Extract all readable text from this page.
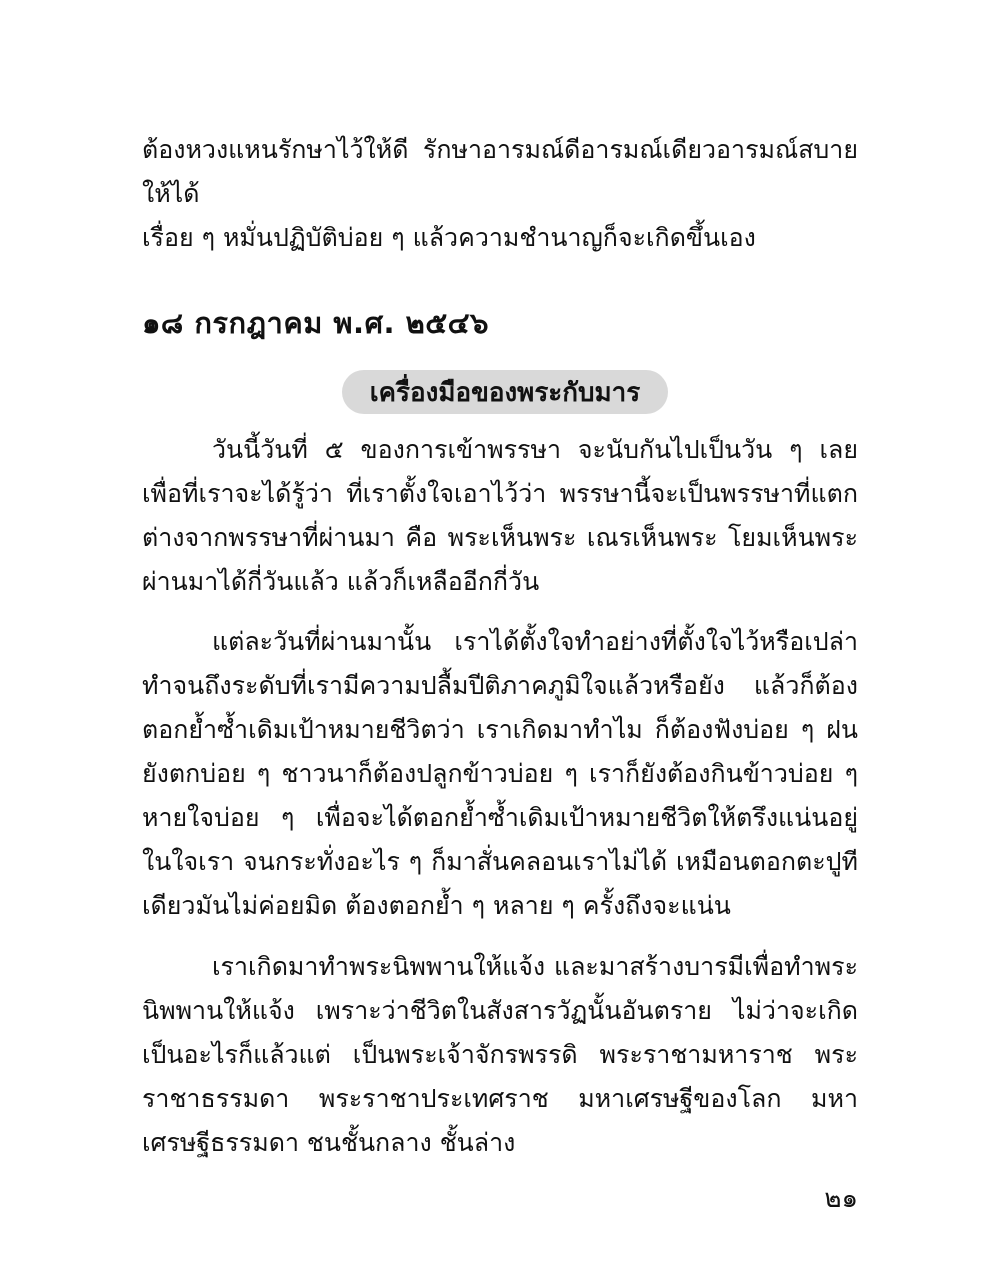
ต้องหวงแหนรักษาไว้ให้ดี รักษาอารมณ์ดีอารมณ์เดียวอารมณ์สบายให้ได้
เรื่อย ๆ หมั่นปฏิบัติบ่อย ๆ แล้วความชำนาญก็จะเกิดขึ้นเอง
๑๘ กรกฎาคม พ.ศ. ๒๕๔๖
เครื่องมือของพระกับมาร

วันนี้วันที่ ๕ ของการเข้าพรรษา จะนับกันไปเป็นวัน ๆ เลย เพื่อที่เราจะได้รู้ว่า ที่เราตั้งใจเอาไว้ว่า พรรษานี้จะเป็นพรรษาที่แตกต่างจากพรรษาที่ผ่านมา คือ พระเห็นพระ เณรเห็นพระ โยมเห็นพระ ผ่านมาได้กี่วันแล้ว แล้วก็เหลืออีกกี่วัน

แต่ละวันที่ผ่านมานั้น เราได้ตั้งใจทำอย่างที่ตั้งใจไว้หรือเปล่า ทำจนถึงระดับที่เรามีความปลื้มปีติภาคภูมิใจแล้วหรือยัง แล้วก็ต้องตอกย้ำซ้ำเดิมเป้าหมายชีวิตว่า เราเกิดมาทำไม ก็ต้องฟังบ่อย ๆ ฝนยังตกบ่อย ๆ ชาวนาก็ต้องปลูกข้าวบ่อย ๆ เราก็ยังต้องกินข้าวบ่อย ๆ หายใจบ่อย ๆ เพื่อจะได้ตอกย้ำซ้ำเดิมเป้าหมายชีวิตให้ตรึงแน่นอยู่ในใจเรา จนกระทั่งอะไร ๆ ก็มาสั่นคลอนเราไม่ได้ เหมือนตอกตะปูทีเดียวมันไม่ค่อยมิด ต้องตอกย้ำ ๆ หลาย ๆ ครั้งถึงจะแน่น

เราเกิดมาทำพระนิพพานให้แจ้ง และมาสร้างบารมีเพื่อทำพระนิพพานให้แจ้ง เพราะว่าชีวิตในสังสารวัฏนั้นอันตราย ไม่ว่าจะเกิดเป็นอะไรก็แล้วแต่ เป็นพระเจ้าจักรพรรดิ พระราชามหาราช พระราชาธรรมดา พระราชาประเทศราช มหาเศรษฐีของโลก มหาเศรษฐีธรรมดา ชนชั้นกลาง ชั้นล่าง

๒๑
